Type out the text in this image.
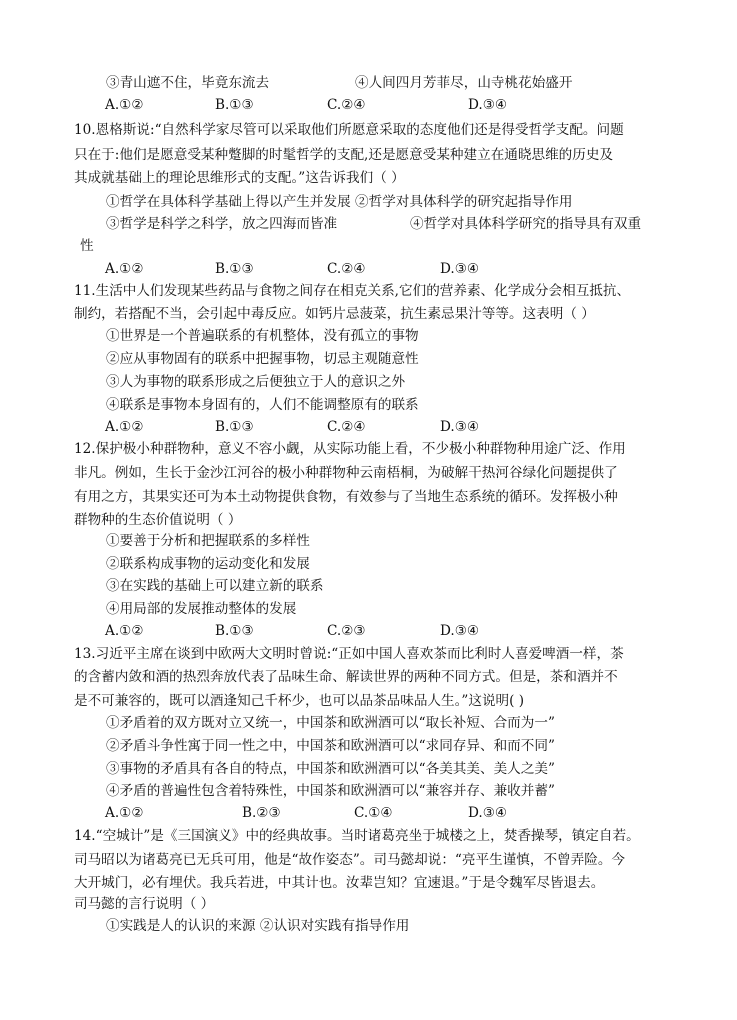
③青山遮不住，毕竟东流去	④人间四月芳菲尽，山寺桃花始盛开
A.①②	B.①③	C.②④	D.③④
10.恩格斯说:“自然科学家尽管可以采取他们所愿意采取的态度他们还是得受哲学支配。问题
只在于:他们是愿意受某种蹩脚的时髦哲学的支配,还是愿意受某种建立在通晓思维的历史及
其成就基础上的理论思维形式的支配。”这告诉我们（ ）
①哲学在具体科学基础上得以产生并发展 ②哲学对具体科学的研究起指导作用
③哲学是科学之科学，放之四海而皆准	④哲学对具体科学研究的指导具有双重
性
A.①②	B.①③	C.②④	D.③④
11.生活中人们发现某些药品与食物之间存在相克关系,它们的营养素、化学成分会相互抵抗、
制约，若搭配不当，会引起中毒反应。如钙片忌菠菜，抗生素忌果汁等等。这表明（ ）
①世界是一个普遍联系的有机整体，没有孤立的事物
②应从事物固有的联系中把握事物，切忌主观随意性
③人为事物的联系形成之后便独立于人的意识之外
④联系是事物本身固有的，人们不能调整原有的联系
A.①②	B.①③	C.②④	D.③④
12.保护极小种群物种，意义不容小觑，从实际功能上看，不少极小种群物种用途广泛、作用
非凡。例如，生长于金沙江河谷的极小种群物种云南梧桐，为破解干热河谷绿化问题提供了
有用之方，其果实还可为本土动物提供食物，有效参与了当地生态系统的循环。发挥极小种
群物种的生态价值说明（ ）
①要善于分析和把握联系的多样性
②联系构成事物的运动变化和发展
③在实践的基础上可以建立新的联系
④用局部的发展推动整体的发展
A.①②	B.①③	C.②③	D.③④
13.习近平主席在谈到中欧两大文明时曾说:“正如中国人喜欢茶而比利时人喜爱啤酒一样，茶
的含蓄内敛和酒的热烈奔放代表了品味生命、解读世界的两种不同方式。但是，茶和酒并不
是不可兼容的，既可以酒逢知己千杯少，也可以品茶品味品人生。”这说明( )
①矛盾着的双方既对立又统一，中国茶和欧洲酒可以“取长补短、合而为一”
②矛盾斗争性寓于同一性之中，中国茶和欧洲酒可以“求同存异、和而不同”
③事物的矛盾具有各自的特点，中国茶和欧洲酒可以“各美其美、美人之美”
④矛盾的普遍性包含着特殊性，中国茶和欧洲酒可以“兼容并存、兼收并蓄”
A.①②	B.②③	C.①④	D.③④
14.“空城计”是《三国演义》中的经典故事。当时诸葛亮坐于城楼之上，焚香操琴，镇定自若。
司马昭以为诸葛亮已无兵可用，他是“故作姿态”。司马懿却说：“亮平生谨慎，不曾弄险。今
大开城门，必有埋伏。我兵若进，中其计也。汝辈岂知？宜速退。”于是令魏军尽皆退去。
司马懿的言行说明（ ）
①实践是人的认识的来源 ②认识对实践有指导作用
